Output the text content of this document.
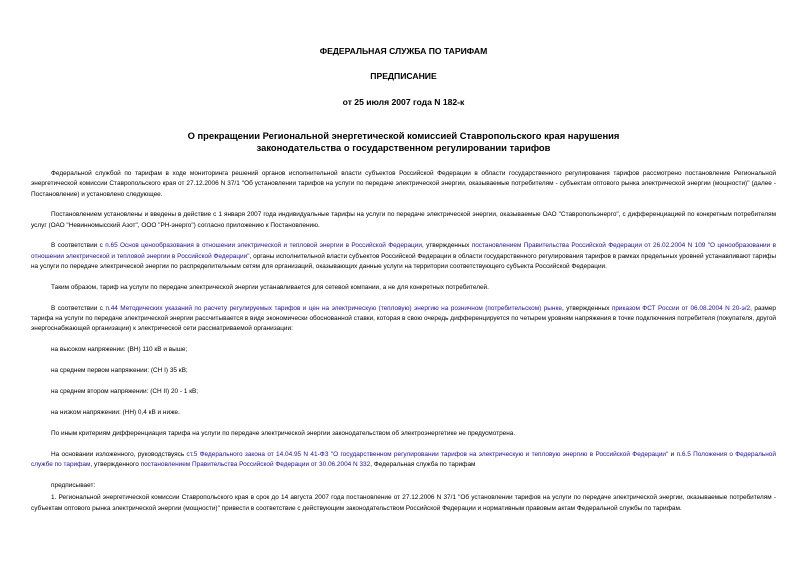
ФЕДЕРАЛЬНАЯ СЛУЖБА ПО ТАРИФАМ
ПРЕДПИСАНИЕ
от 25 июля 2007 года N 182-к
О прекращении Региональной энергетической комиссией Ставропольского края нарушения
законодательства о государственном регулировании тарифов

Федеральной службой по тарифам в ходе мониторинга решений органов исполнительной власти субъектов Российской Федерации в области государственного регулирования тарифов рассмотрено постановление Региональной энергетической комиссии Ставропольского края от 27.12.2006 N 37/1 "Об установлении тарифов на услуги по передаче электрической энергии, оказываемые потребителям - субъектам оптового рынка электрической энергии (мощности)" (далее - Постановление) и установлено следующее.

Постановлением установлены и введены в действие с 1 января 2007 года индивидуальные тарифы на услуги по передаче электрической энергии, оказываемые ОАО "Ставропольэнерго", с дифференциацией по конкретным потребителям услуг (ОАО "Невинномысский Азот", ООО "РН-энерго") согласно приложению к Постановлению.

В соответствии с п.65 Основ ценообразования в отношении электрической и тепловой энергии в Российской Федерации, утвержденных постановлением Правительства Российской Федерации от 26.02.2004 N 109 "О ценообразовании в отношении электрической и тепловой энергии в Российской Федерации", органы исполнительной власти субъектов Российской Федерации в области государственного регулирования тарифов в рамках предельных уровней устанавливают тарифы на услуги по передаче электрической энергии по распределительным сетям для организаций, оказывающих данные услуги на территории соответствующего субъекта Российской Федерации.

Таким образом, тариф на услуги по передаче электрической энергии устанавливается для сетевой компании, а не для конкретных потребителей.

В соответствии с п.44 Методических указаний по расчету регулируемых тарифов и цен на электрическую (тепловую) энергию на розничном (потребительском) рынке, утвержденных приказом ФСТ России от 06.08.2004 N 20-э/2, размер тарифа на услуги по передаче электрической энергии рассчитывается в виде экономически обоснованной ставки, которая в свою очередь дифференцируется по четырем уровням напряжения в точке подключения потребителя (покупателя, другой энергоснабжающей организации) к электрической сети рассматриваемой организации:

на высоком напряжении: (ВН) 110 кВ и выше;

на среднем первом напряжении: (СН I) 35 кВ;

на среднем втором напряжении: (СН II) 20 - 1 кВ;

на низком напряжении: (НН) 0,4 кВ и ниже.

По иным критериям дифференциация тарифа на услуги по передаче электрической энергии законодательством об электроэнергетике не предусмотрена.

На основании изложенного, руководствуясь ст.5 Федерального закона от 14.04.95 N 41-ФЗ "О государственном регулировании тарифов на электрическую и тепловую энергию в Российской Федерации" и п.6.5 Положения о Федеральной службе по тарифам, утвержденного постановлением Правительства Российской Федерации от 30.06.2004 N 332, Федеральная служба по тарифам

предписывает:

1. Региональной энергетической комиссии Ставропольского края в срок до 14 августа 2007 года постановление от 27.12.2006 N 37/1 "Об установлении тарифов на услуги по передаче электрической энергии, оказываемые потребителям - субъектам оптового рынка электрической энергии (мощности)" привести в соответствие с действующим законодательством Российской Федерации и нормативным правовым актам Федеральной службы по тарифам.
